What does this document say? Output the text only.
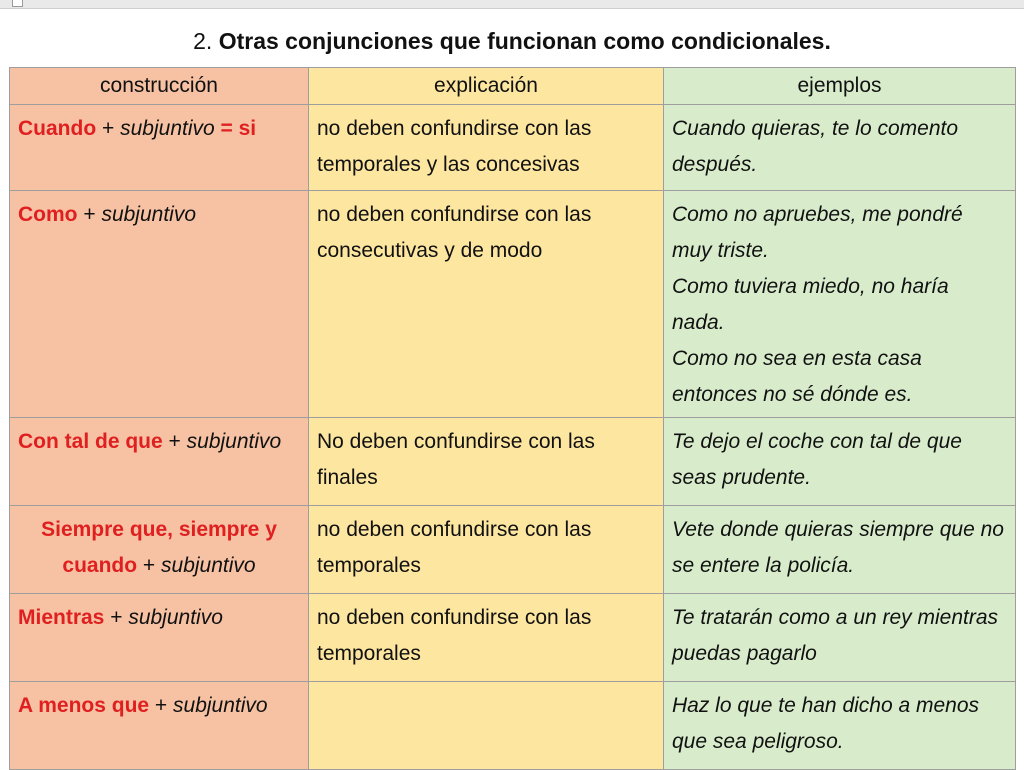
2. Otras conjunciones que funcionan como condicionales.
construcción	explicación	ejemplos
Cuando + subjuntivo = si	no deben confundirse con las temporales y las concesivas	Cuando quieras, te lo comento después.

Como + subjuntivo	no deben confundirse con las consecutivas y de modo	Como no apruebes, me pondré muy triste.
Como tuviera miedo, no haría nada.
Como no sea en esta casa entonces no sé dónde es.

Con tal de que + subjuntivo	No deben confundirse con las finales	Te dejo el coche con tal de que seas prudente.

Siempre que, siempre y cuando + subjuntivo	no deben confundirse con las temporales	Vete donde quieras siempre que no se entere la policía.

Mientras + subjuntivo	no deben confundirse con las temporales	Te tratarán como a un rey mientras puedas pagarlo

A menos que + subjuntivo		Haz lo que te han dicho a menos que sea peligroso.
